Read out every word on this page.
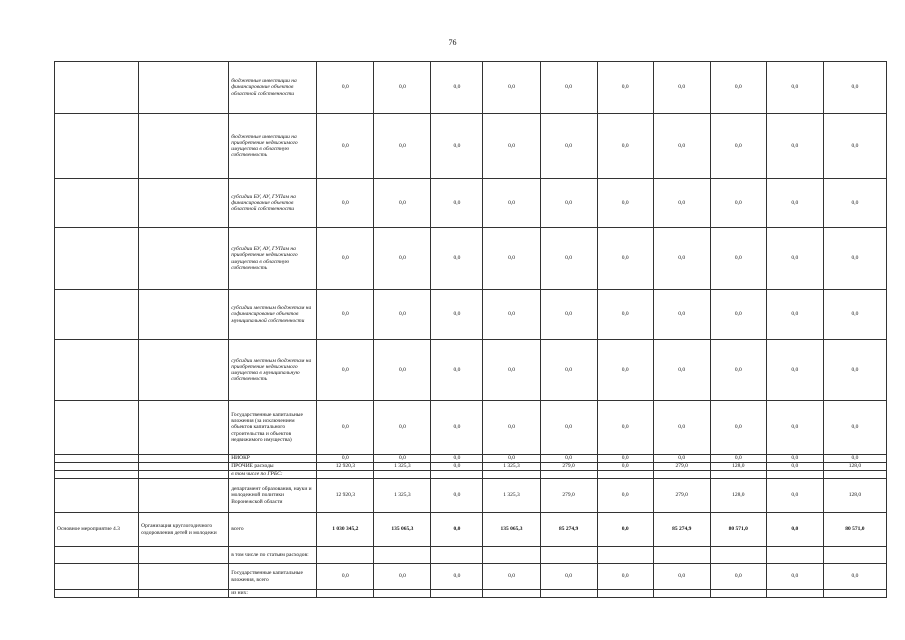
76
		бюджетные инвестиции на финансирование объектов областной собственности	0,0	0,0	0,0	0,0	0,0	0,0	0,0	0,0	0,0	0,0
		бюджетные инвестиции на приобретение недвижимого имущества в областную собственность	0,0	0,0	0,0	0,0	0,0	0,0	0,0	0,0	0,0	0,0
		субсидии БУ, АУ, ГУПам на финансирование объектов областной собственности	0,0	0,0	0,0	0,0	0,0	0,0	0,0	0,0	0,0	0,0
		субсидии БУ, АУ, ГУПам на приобретение недвижимого имущества в областную собственность	0,0	0,0	0,0	0,0	0,0	0,0	0,0	0,0	0,0	0,0
		субсидии местным бюджетам на софинансирование объектов муниципальной собственности	0,0	0,0	0,0	0,0	0,0	0,0	0,0	0,0	0,0	0,0
		субсидии местным бюджетам на приобретение недвижимого имущества в муниципальную собственность	0,0	0,0	0,0	0,0	0,0	0,0	0,0	0,0	0,0	0,0
		Государственные капитальные вложения (за исключением объектов капитального строительства и объектов недвижимого имущества)	0,0	0,0	0,0	0,0	0,0	0,0	0,0	0,0	0,0	0,0
		НИОКР	0,0	0,0	0,0	0,0	0,0	0,0	0,0	0,0	0,0	0,0
		ПРОЧИЕ расходы	12 920,3	1 325,3	0,0	1 325,3	279,0	0,0	279,0	128,0	0,0	128,0
		в том числе по ГРБС:										
		департамент образования, науки и молодежной политики Воронежской области	12 920,3	1 325,3	0,0	1 325,3	279,0	0,0	279,0	128,0	0,0	128,0
Основное мероприятие 4.3	Организация круглогодичного оздоровления детей и молодежи	всего	1 030 345,2	135 065,3	0,0	135 065,3	85 274,9	0,0	85 274,9	80 571,0	0,0	80 571,0
		в том числе по статьям расходов:										
		Государственные капитальные вложения, всего	0,0	0,0	0,0	0,0	0,0	0,0	0,0	0,0	0,0	0,0
		из них:										
